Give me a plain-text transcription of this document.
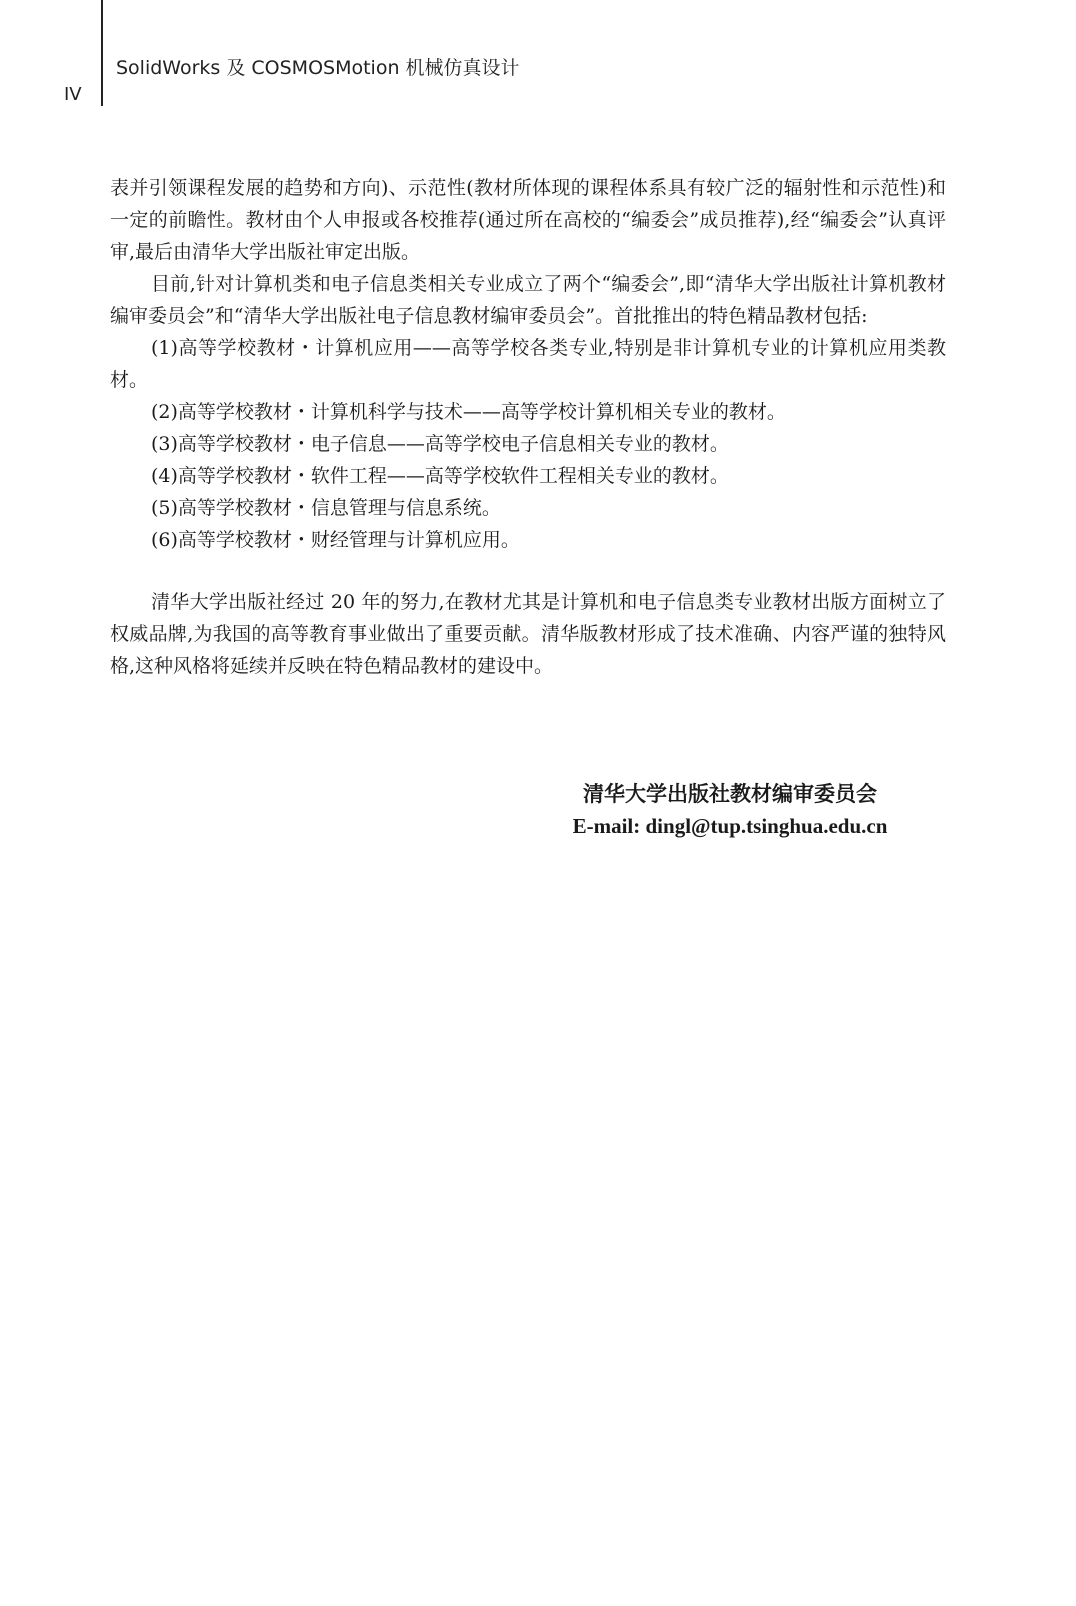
SolidWorks 及 COSMOSMotion 机械仿真设计
IV

表并引领课程发展的趋势和方向)、示范性(教材所体现的课程体系具有较广泛的辐射性和示范性)和一定的前瞻性。教材由个人申报或各校推荐(通过所在高校的“编委会”成员推荐),经“编委会”认真评审,最后由清华大学出版社审定出版。

目前,针对计算机类和电子信息类相关专业成立了两个“编委会”,即“清华大学出版社计算机教材编审委员会”和“清华大学出版社电子信息教材编审委员会”。首批推出的特色精品教材包括:

(1)高等学校教材・计算机应用——高等学校各类专业,特别是非计算机专业的计算机应用类教材。

(2)高等学校教材・计算机科学与技术——高等学校计算机相关专业的教材。

(3)高等学校教材・电子信息——高等学校电子信息相关专业的教材。

(4)高等学校教材・软件工程——高等学校软件工程相关专业的教材。

(5)高等学校教材・信息管理与信息系统。

(6)高等学校教材・财经管理与计算机应用。

清华大学出版社经过 20 年的努力,在教材尤其是计算机和电子信息类专业教材出版方面树立了权威品牌,为我国的高等教育事业做出了重要贡献。清华版教材形成了技术准确、内容严谨的独特风格,这种风格将延续并反映在特色精品教材的建设中。

清华大学出版社教材编审委员会
E-mail: dingl@tup.tsinghua.edu.cn
